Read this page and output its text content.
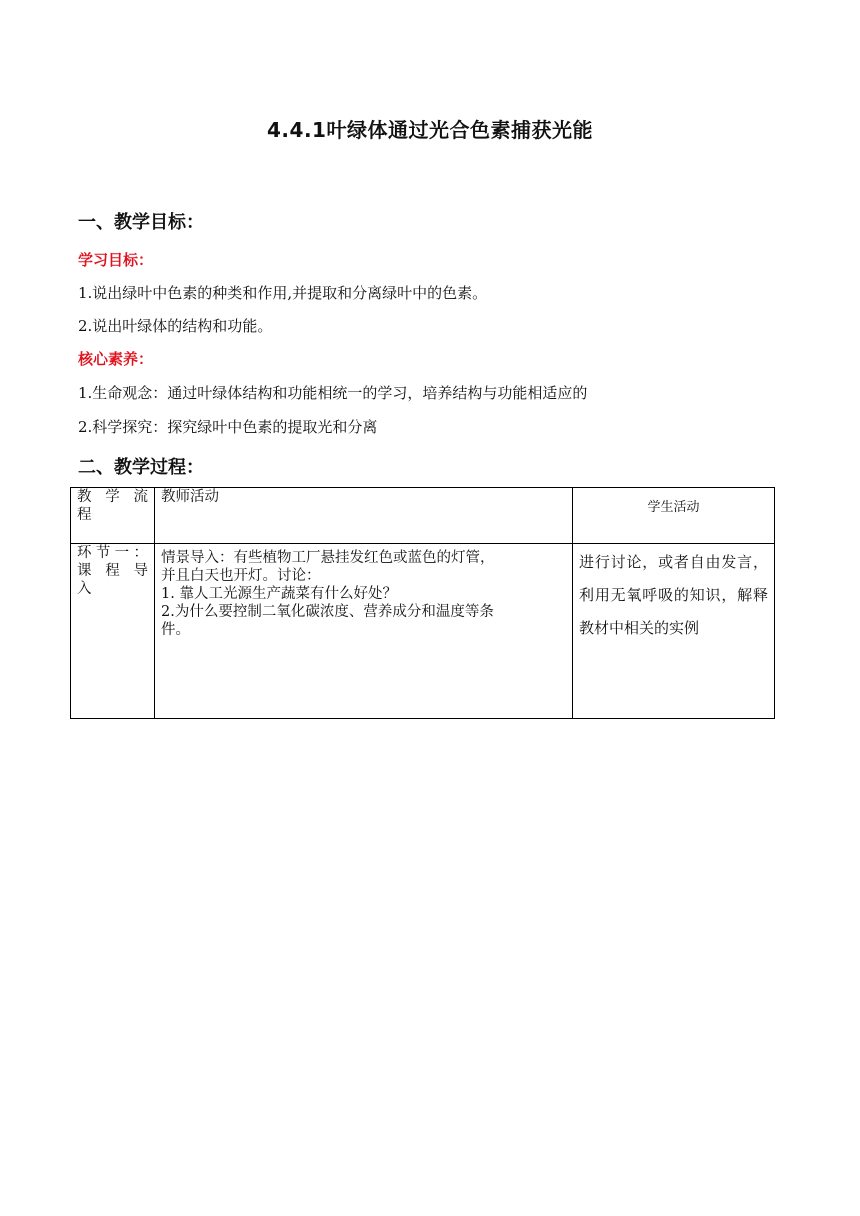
4.4.1叶绿体通过光合色素捕获光能
一、教学目标：
学习目标：
1.说出绿叶中色素的种类和作用,并提取和分离绿叶中的色素。
2.说出叶绿体的结构和功能。
核心素养：
1.生命观念：通过叶绿体结构和功能相统一的学习，培养结构与功能相适应的
2.科学探究：探究绿叶中色素的提取光和分离
二、教学过程：
教 学 流
程	教师活动	学生活动
环节一：
课 程 导
入	情景导入：有些植物工厂悬挂发红色或蓝色的灯管，
并且白天也开灯。讨论：
1. 靠人工光源生产蔬菜有什么好处？
2.为什么要控制二氧化碳浓度、营养成分和温度等条
件。	进行讨论，或者自由发言，利用无氧呼吸的知识，解释教材中相关的实例
